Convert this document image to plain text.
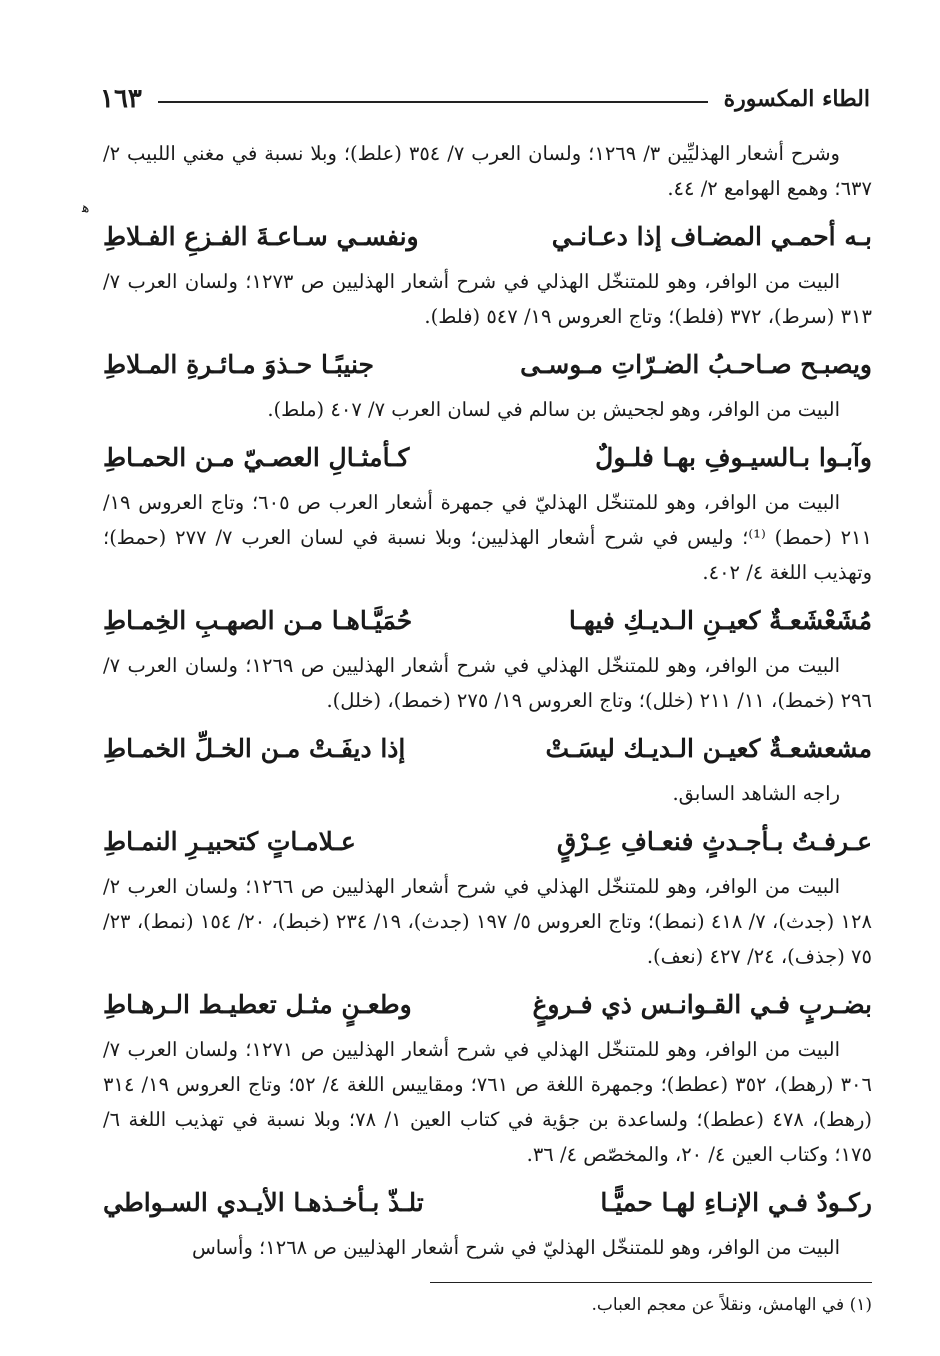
الطاء المكسورة
١٦٣
ﻫ

وشرح أشعار الهذليِّين ٣/ ١٢٦٩؛ ولسان العرب ٧/ ٣٥٤ (علط)؛ وبلا نسبة في مغني اللبيب ٢/ ٦٣٧؛ وهمع الهوامع ٢/ ٤٤.

بـه أحمـي المضـاف إذا دعـانـي
ونفسـي سـاعـةَ الفـزعِ الفـلاطِ

البيت من الوافر، وهو للمتنخّل الهذلي في شرح أشعار الهذليين ص ١٢٧٣؛ ولسان العرب ٧/ ٣١٣ (سرط)، ٣٧٢ (فلط)؛ وتاج العروس ١٩/ ٥٤٧ (فلط).

ويصبـح صـاحـبُ الضـرّاتِ مـوسـى
جنيبًـا حـذوَ مـائـرةِ المـلاطِ

البيت من الوافر، وهو لجحيش بن سالم في لسان العرب ٧/ ٤٠٧ (ملط).

وآبـوا بـالسيـوفِ بهـا فلـولٌ
كـأمثـالِ العصـيّ مـن الحمـاطِ

البيت من الوافر، وهو للمتنخّل الهذليّ في جمهرة أشعار العرب ص ٦٠٥؛ وتاج العروس ١٩/ ٢١١ (حمط) ⁽¹⁾؛ وليس في شرح أشعار الهذليين؛ وبلا نسبة في لسان العرب ٧/ ٢٧٧ (حمط)؛ وتهذيب اللغة ٤/ ٤٠٢.

مُشَعْشَعـةٌ كعيـنِ الـديـكِ فيهـا
حُمَيَّـاهـا مـن الصهـبِ الخِمـاطِ

البيت من الوافر، وهو للمتنخّل الهذلي في شرح أشعار الهذليين ص ١٢٦٩؛ ولسان العرب ٧/ ٢٩٦ (خمط)، ١١/ ٢١١ (خلل)؛ وتاج العروس ١٩/ ٢٧٥ (خمط)، (خلل).

مشعشعـةٌ كعيـن الـديـك ليسَـتْ
إذا ديفَـتْ مـن الخـلِّ الخمـاطِ

راجه الشاهد السابق.

عـرفـتُ بـأجـدثٍ فنعـافِ عِـرْقٍ
عـلامـاتٍ كتحبيـرِ النمـاطِ

البيت من الوافر، وهو للمتنخّل الهذلي في شرح أشعار الهذليين ص ١٢٦٦؛ ولسان العرب ٢/ ١٢٨ (جدث)، ٧/ ٤١٨ (نمط)؛ وتاج العروس ٥/ ١٩٧ (جدث)، ١٩/ ٢٣٤ (خبط)، ٢٠/ ١٥٤ (نمط)، ٢٣/ ٧٥ (جذف)، ٢٤/ ٤٢٧ (نعف).

بضـربٍ فـي القـوانـس ذي فـروغٍ
وطعـنٍ مثـل تعطيـط الـرهـاطِ

البيت من الوافر، وهو للمتنخّل الهذلي في شرح أشعار الهذليين ص ١٢٧١؛ ولسان العرب ٧/ ٣٠٦ (رهط)، ٣٥٢ (عطط)؛ وجمهرة اللغة ص ٧٦١؛ ومقاييس اللغة ٤/ ٥٢؛ وتاج العروس ١٩/ ٣١٤ (رهط)، ٤٧٨ (عطط)؛ ولساعدة بن جؤية في كتاب العين ١/ ٧٨؛ وبلا نسبة في تهذيب اللغة ٦/ ١٧٥؛ وكتاب العين ٤/ ٢٠، والمخصّص ٤/ ٣٦.

ركـودٌ فـي الإنـاءِ لهـا حميًّـا
تلـذّ بـأخـذهـا الأيـدي السـواطي

البيت من الوافر، وهو للمتنخّل الهذليّ في شرح أشعار الهذليين ص ١٢٦٨؛ وأساس

(١) في الهامش، ونقلاً عن معجم العباب.
